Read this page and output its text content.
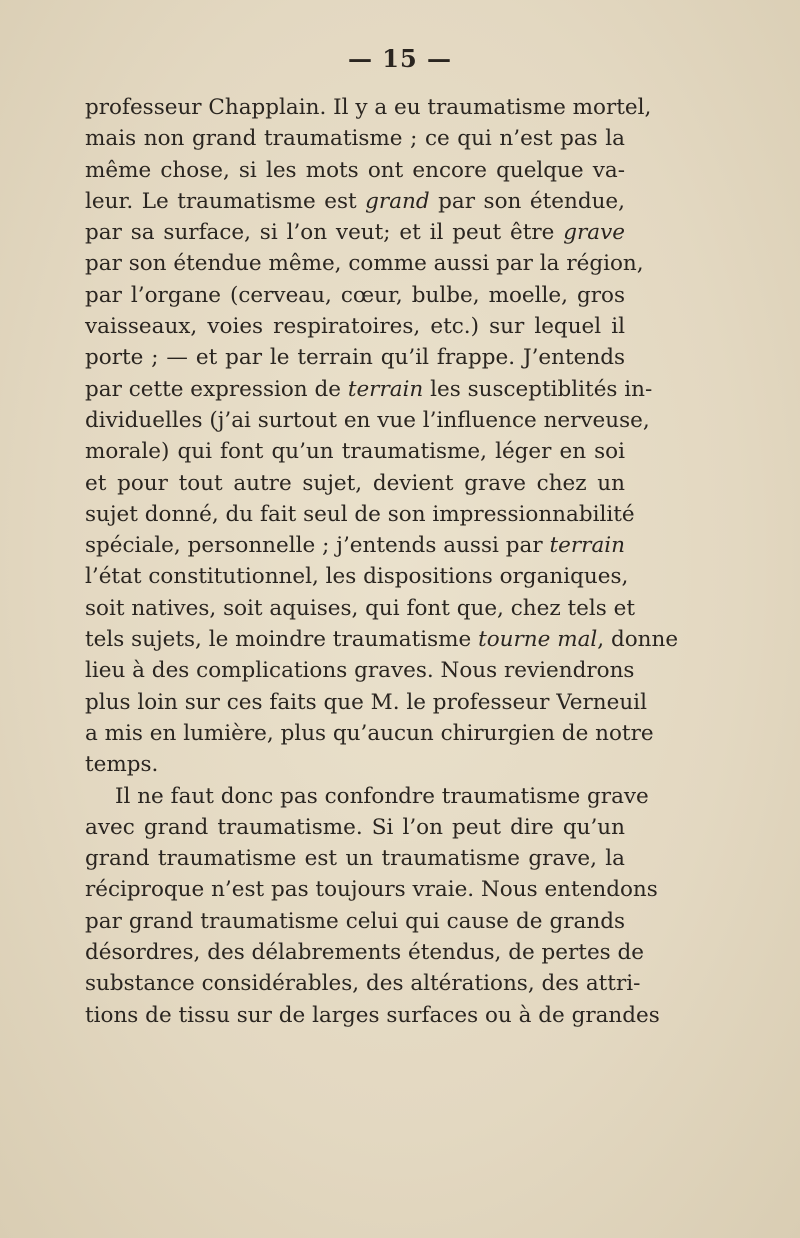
— 15 —
professeur Chapplain. Il y a eu traumatisme mortel,
mais non grand traumatisme ; ce qui n’est pas la
même chose, si les mots ont encore quelque va-
leur. Le traumatisme est grand par son étendue,
par sa surface, si l’on veut; et il peut être grave
par son étendue même, comme aussi par la région,
par l’organe (cerveau, cœur, bulbe, moelle, gros
vaisseaux, voies respiratoires, etc.) sur lequel il
porte ; — et par le terrain qu’il frappe. J’entends
par cette expression de terrain les susceptiblités in-
dividuelles (j’ai surtout en vue l’influence nerveuse,
morale) qui font qu’un traumatisme, léger en soi
et pour tout autre sujet, devient grave chez un
sujet donné, du fait seul de son impressionnabilité
spéciale, personnelle ; j’entends aussi par terrain
l’état constitutionnel, les dispositions organiques,
soit natives, soit aquises, qui font que, chez tels et
tels sujets, le moindre traumatisme tourne mal, donne
lieu à des complications graves. Nous reviendrons
plus loin sur ces faits que M. le professeur Verneuil
a mis en lumière, plus qu’aucun chirurgien de notre
temps.
Il ne faut donc pas confondre traumatisme grave
avec grand traumatisme. Si l’on peut dire qu’un
grand traumatisme est un traumatisme grave, la
réciproque n’est pas toujours vraie. Nous entendons
par grand traumatisme celui qui cause de grands
désordres, des délabrements étendus, de pertes de
substance considérables, des altérations, des attri-
tions de tissu sur de larges surfaces ou à de grandes
